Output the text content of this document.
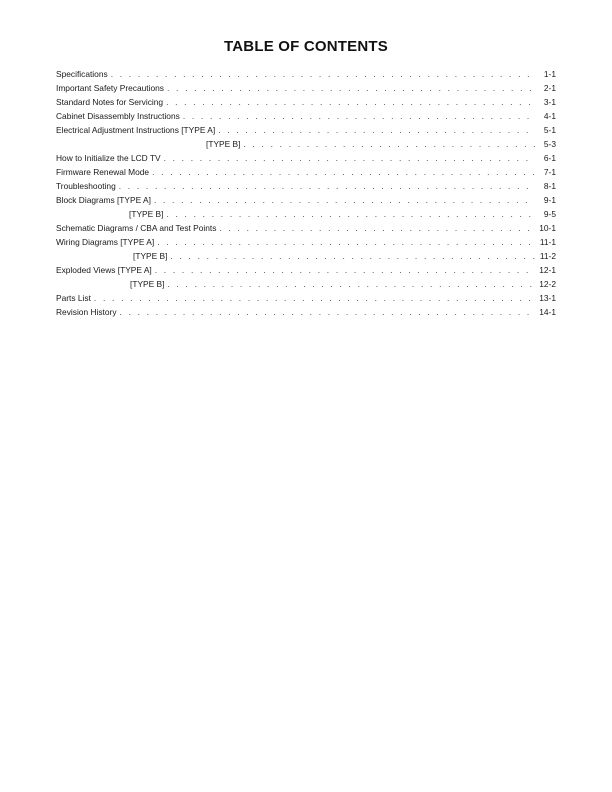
TABLE OF CONTENTS
Specifications . . .	1-1
Important Safety Precautions . . .	2-1
Standard Notes for Servicing . . .	3-1
Cabinet Disassembly Instructions . . .	4-1
Electrical Adjustment Instructions [TYPE A] . . .	5-1
[TYPE B] . . .	5-3
How to Initialize the LCD TV . . .	6-1
Firmware Renewal Mode . . .	7-1
Troubleshooting . . .	8-1
Block Diagrams [TYPE A] . . .	9-1
[TYPE B] . . .	9-5
Schematic Diagrams / CBA and Test Points . . .	10-1
Wiring Diagrams [TYPE A] . . .	11-1
[TYPE B] . . .	11-2
Exploded Views [TYPE A] . . .	12-1
[TYPE B] . . .	12-2
Parts List . . .	13-1
Revision History . . .	14-1
